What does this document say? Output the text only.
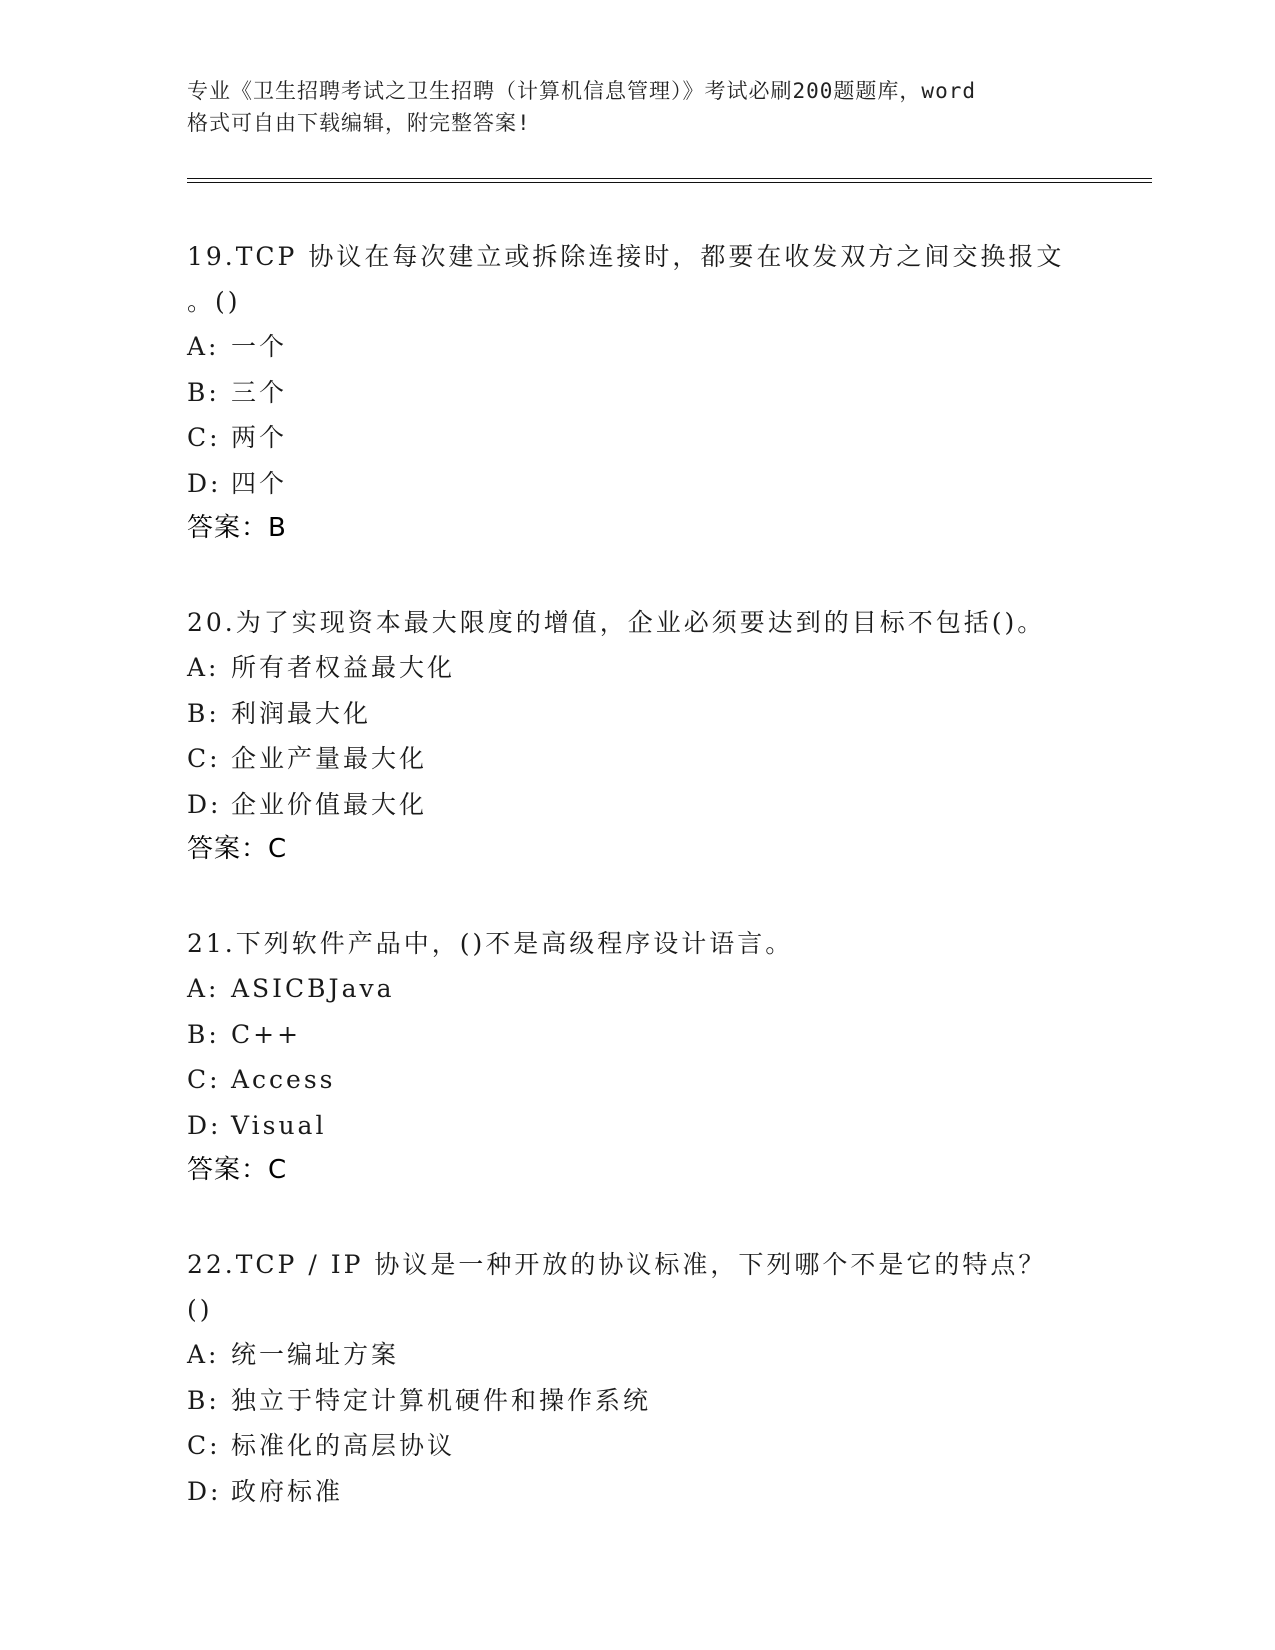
专业《卫生招聘考试之卫生招聘（计算机信息管理）》考试必刷200题题库，word
格式可自由下载编辑，附完整答案!

19.TCP 协议在每次建立或拆除连接时，都要在收发双方之间交换报文
。()

A: 一个
B: 三个
C: 两个
D: 四个
答案：B

20.为了实现资本最大限度的增值，企业必须要达到的目标不包括()。

A: 所有者权益最大化
B: 利润最大化
C: 企业产量最大化
D: 企业价值最大化
答案：C

21.下列软件产品中，()不是高级程序设计语言。

A: ASICBJava
B: C++
C: Access
D: Visual
答案：C

22.TCP / IP 协议是一种开放的协议标准，下列哪个不是它的特点？()

A: 统一编址方案
B: 独立于特定计算机硬件和操作系统
C: 标准化的高层协议
D: 政府标准
